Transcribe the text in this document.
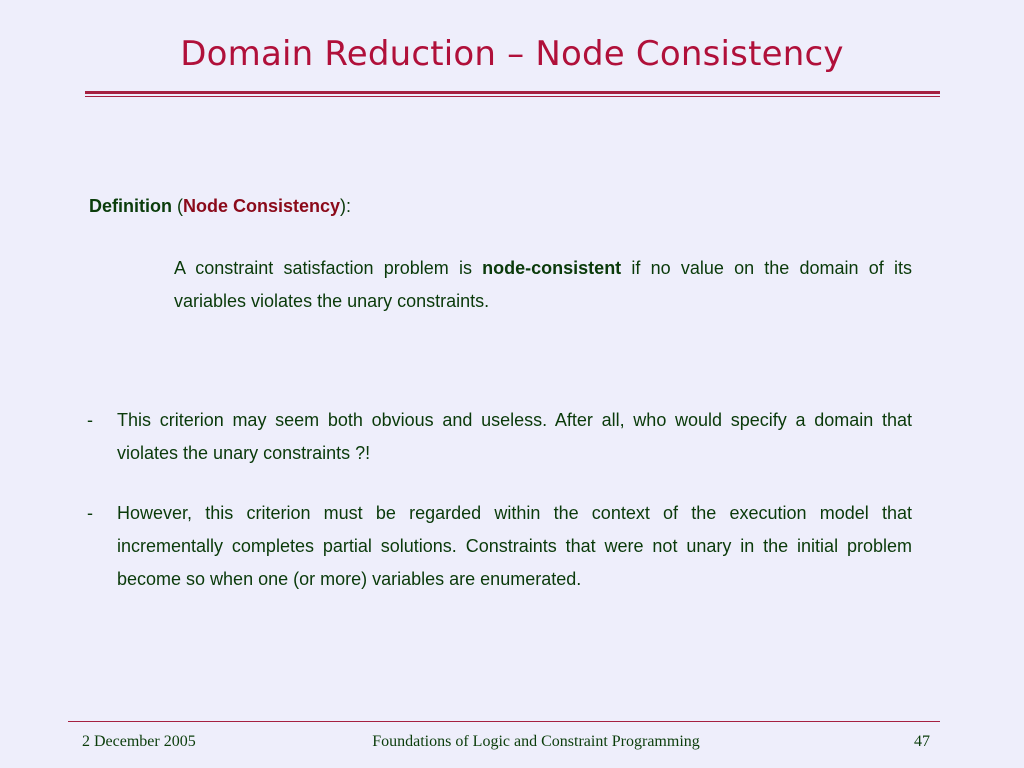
Domain Reduction – Node Consistency
Definition (Node Consistency):
A constraint satisfaction problem is node-consistent if no value on the domain of its variables violates the unary constraints.
- This criterion may seem both obvious and useless. After all, who would specify a domain that violates the unary constraints ?!
- However, this criterion must be regarded within the context of the execution model that incrementally completes partial solutions. Constraints that were not unary in the initial problem become so when one (or more) variables are enumerated.
2 December 2005	Foundations of Logic and Constraint Programming	47
